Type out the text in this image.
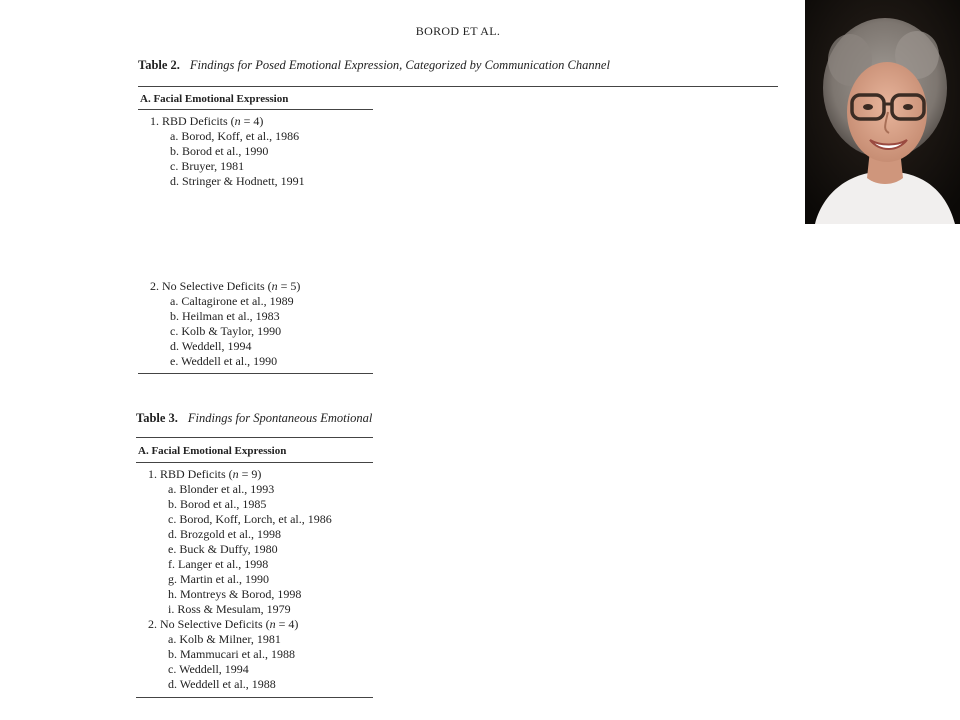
BOROD ET AL.
Table 2. Findings for Posed Emotional Expression, Categorized by Communication Channel
A. Facial Emotional Expression
1. RBD Deficits (n = 4)
a. Borod, Koff, et al., 1986
b. Borod et al., 1990
c. Bruyer, 1981
d. Stringer & Hodnett, 1991
2. No Selective Deficits (n = 5)
a. Caltagirone et al., 1989
b. Heilman et al., 1983
c. Kolb & Taylor, 1990
d. Weddell, 1994
e. Weddell et al., 1990
Table 3. Findings for Spontaneous Emotional
A. Facial Emotional Expression
1. RBD Deficits (n = 9)
a. Blonder et al., 1993
b. Borod et al., 1985
c. Borod, Koff, Lorch, et al., 1986
d. Brozgold et al., 1998
e. Buck & Duffy, 1980
f. Langer et al., 1998
g. Martin et al., 1990
h. Montreys & Borod, 1998
i. Ross & Mesulam, 1979
2. No Selective Deficits (n = 4)
a. Kolb & Milner, 1981
b. Mammucari et al., 1988
c. Weddell, 1994
d. Weddell et al., 1988
